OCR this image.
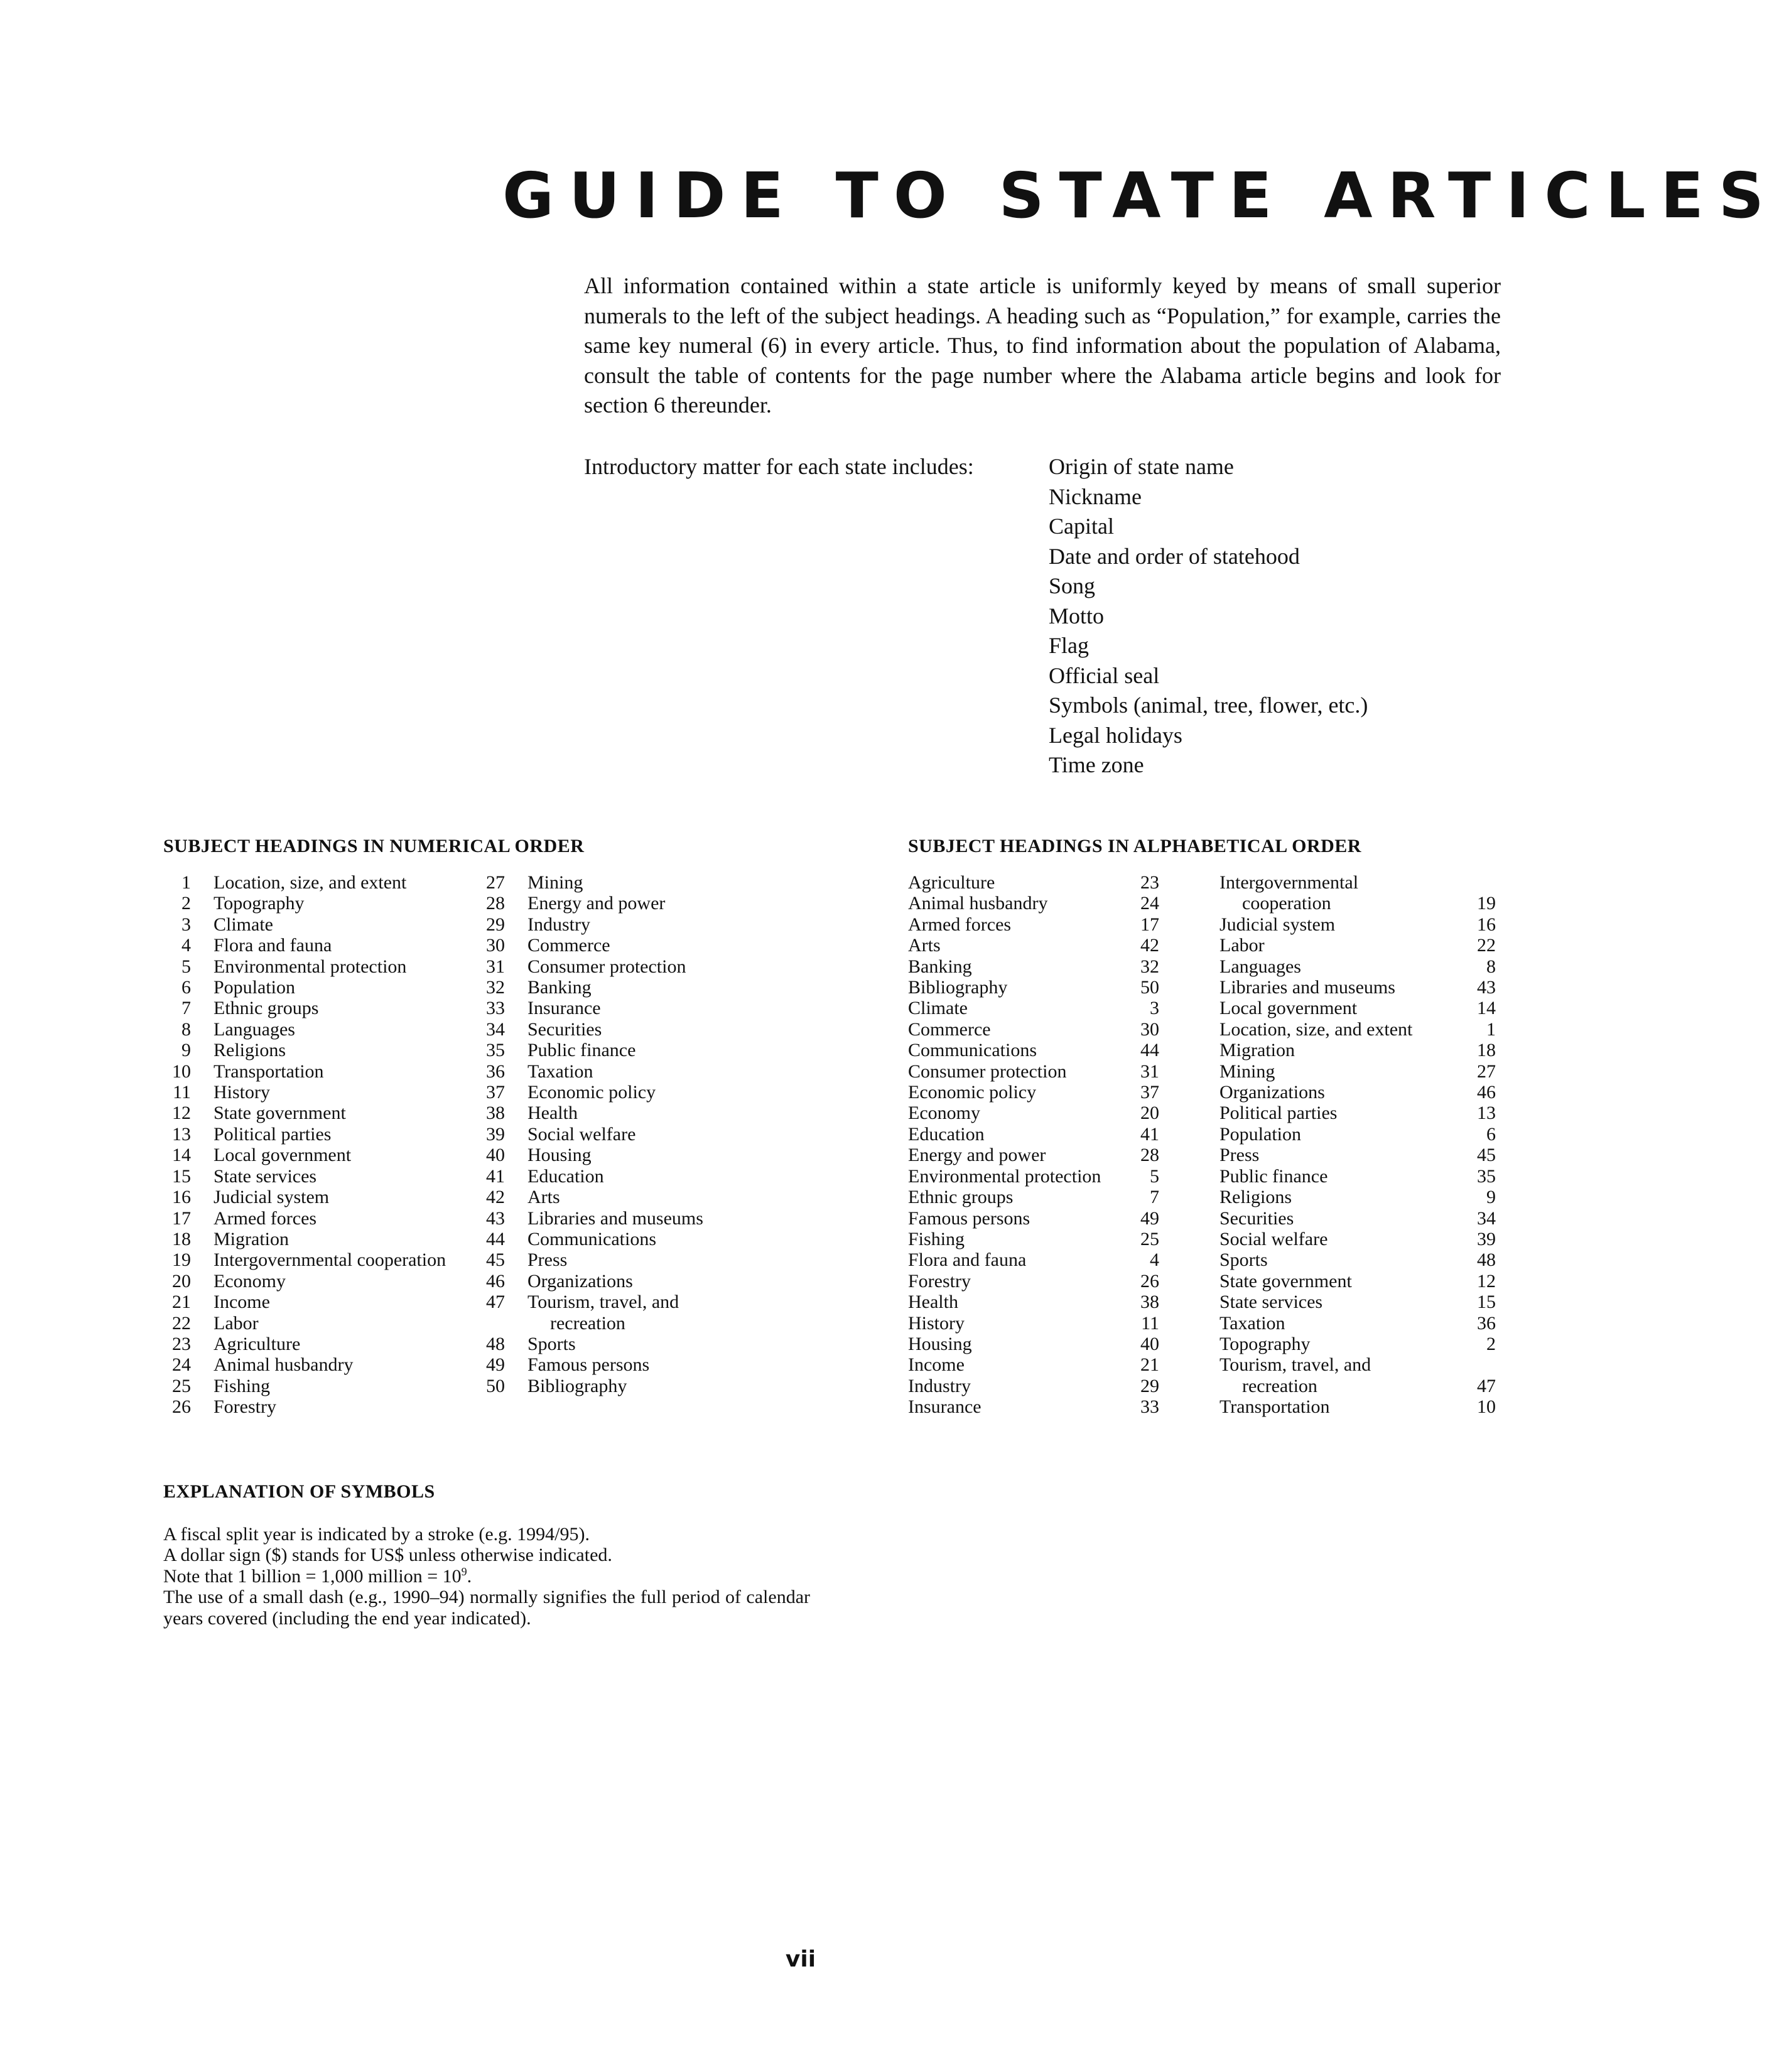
GUIDE TO STATE ARTICLES

All information contained within a state article is uniformly keyed by means of small superior numerals to the left of the subject headings. A heading such as “Population,” for example, carries the same key numeral (6) in every article. Thus, to find information about the population of Alabama, consult the table of contents for the page number where the Alabama article begins and look for section 6 thereunder.

Introductory matter for each state includes:	Origin of state name
Nickname
Capital
Date and order of statehood
Song
Motto
Flag
Official seal
Symbols (animal, tree, flower, etc.)
Legal holidays
Time zone
SUBJECT HEADINGS IN NUMERICAL ORDER
1	Location, size, and extent
2	Topography
3	Climate
4	Flora and fauna
5	Environmental protection
6	Population
7	Ethnic groups
8	Languages
9	Religions
10	Transportation
11	History
12	State government
13	Political parties
14	Local government
15	State services
16	Judicial system
17	Armed forces
18	Migration
19	Intergovernmental cooperation
20	Economy
21	Income
22	Labor
23	Agriculture
24	Animal husbandry
25	Fishing
26	Forestry
27	Mining
28	Energy and power
29	Industry
30	Commerce
31	Consumer protection
32	Banking
33	Insurance
34	Securities
35	Public finance
36	Taxation
37	Economic policy
38	Health
39	Social welfare
40	Housing
41	Education
42	Arts
43	Libraries and museums
44	Communications
45	Press
46	Organizations
47	Tourism, travel, and
recreation
48	Sports
49	Famous persons
50	Bibliography
SUBJECT HEADINGS IN ALPHABETICAL ORDER
Agriculture	23
Animal husbandry	24
Armed forces	17
Arts	42
Banking	32
Bibliography	50
Climate	3
Commerce	30
Communications	44
Consumer protection	31
Economic policy	37
Economy	20
Education	41
Energy and power	28
Environmental protection	5
Ethnic groups	7
Famous persons	49
Fishing	25
Flora and fauna	4
Forestry	26
Health	38
History	11
Housing	40
Income	21
Industry	29
Insurance	33
Intergovernmental
cooperation	19
Judicial system	16
Labor	22
Languages	8
Libraries and museums	43
Local government	14
Location, size, and extent	1
Migration	18
Mining	27
Organizations	46
Political parties	13
Population	6
Press	45
Public finance	35
Religions	9
Securities	34
Social welfare	39
Sports	48
State government	12
State services	15
Taxation	36
Topography	2
Tourism, travel, and
recreation	47
Transportation	10
EXPLANATION OF SYMBOLS

A fiscal split year is indicated by a stroke (e.g. 1994/95).

A dollar sign ($) stands for US$ unless otherwise indicated.

Note that 1 billion = 1,000 million = $10^9$.

The use of a small dash (e.g., 1990–94) normally signifies the full period of calendar years covered (including the end year indicated).

vii
